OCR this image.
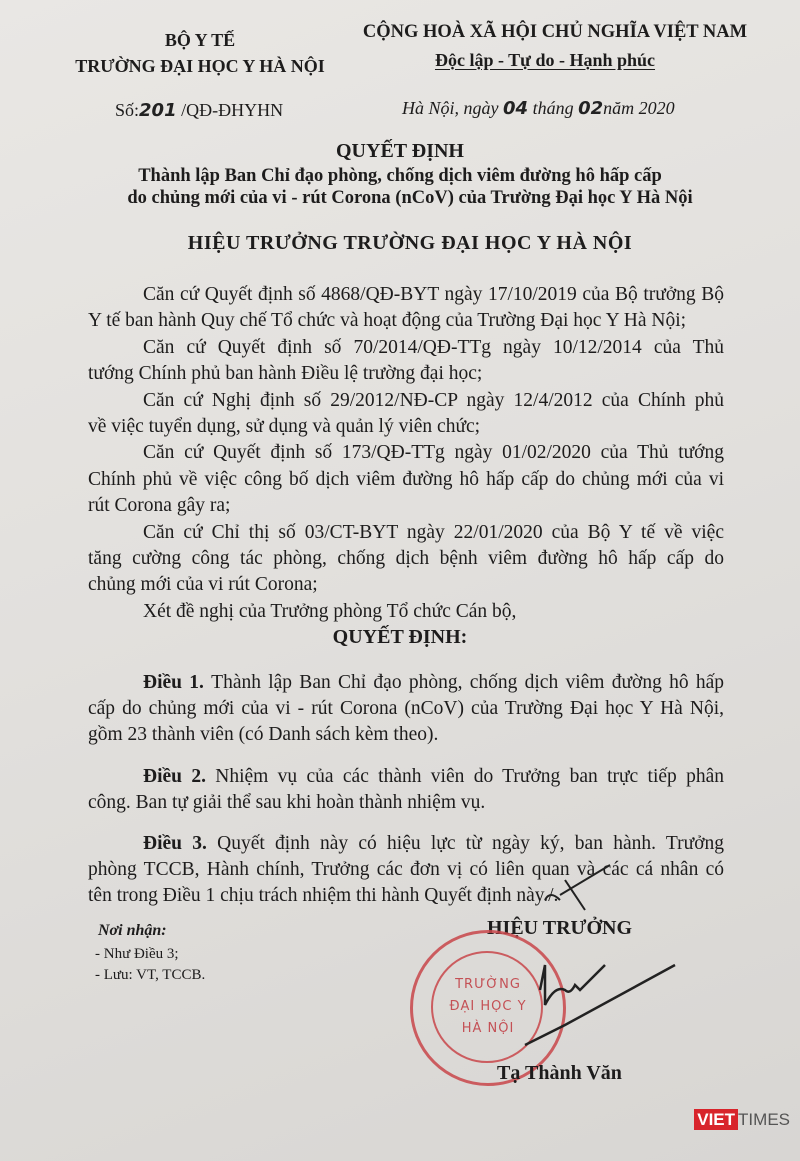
BỘ Y TẾ
TRƯỜNG ĐẠI HỌC Y HÀ NỘI
CỘNG HOÀ XÃ HỘI CHỦ NGHĨA VIỆT NAM
Độc lập - Tự do - Hạnh phúc
Số:201 /QĐ-ĐHYHN	Hà Nội, ngày 04 tháng 02năm 2020
QUYẾT ĐỊNH
Thành lập Ban Chỉ đạo phòng, chống dịch viêm đường hô hấp cấp
do chủng mới của vi - rút Corona (nCoV) của Trường Đại học Y Hà Nội
HIỆU TRƯỞNG TRƯỜNG ĐẠI HỌC Y HÀ NỘI
Căn cứ Quyết định số 4868/QĐ-BYT ngày 17/10/2019 của Bộ trưởng Bộ
Y tế ban hành Quy chế Tổ chức và hoạt động của Trường Đại học Y Hà Nội;
Căn cứ Quyết định số 70/2014/QĐ-TTg ngày 10/12/2014 của Thủ
tướng Chính phủ ban hành Điều lệ trường đại học;
Căn cứ Nghị định số 29/2012/NĐ-CP ngày 12/4/2012 của Chính phủ
về việc tuyển dụng, sử dụng và quản lý viên chức;
Căn cứ Quyết định số 173/QĐ-TTg ngày 01/02/2020 của Thủ tướng
Chính phủ về việc công bố dịch viêm đường hô hấp cấp do chủng mới của vi
rút Corona gây ra;
Căn cứ Chỉ thị số 03/CT-BYT ngày 22/01/2020 của Bộ Y tế về việc
tăng cường công tác phòng, chống dịch bệnh viêm đường hô hấp cấp do
chủng mới của vi rút Corona;
Xét đề nghị của Trưởng phòng Tổ chức Cán bộ,
QUYẾT ĐỊNH:
Điều 1. Thành lập Ban Chỉ đạo phòng, chống dịch viêm đường hô hấp
cấp do chủng mới của vi - rút Corona (nCoV) của Trường Đại học Y Hà Nội,
gồm 23 thành viên (có Danh sách kèm theo).
Điều 2. Nhiệm vụ của các thành viên do Trưởng ban trực tiếp phân
công. Ban tự giải thể sau khi hoàn thành nhiệm vụ.
Điều 3. Quyết định này có hiệu lực từ ngày ký, ban hành. Trưởng
phòng TCCB, Hành chính, Trưởng các đơn vị có liên quan và các cá nhân có
tên trong Điều 1 chịu trách nhiệm thi hành Quyết định này./.
Nơi nhận:
- Như Điều 3;
- Lưu: VT, TCCB.
HIỆU TRƯỞNG
TRƯỜNG
ĐẠI HỌC Y
HÀ NỘI
Tạ Thành Văn
VIET TIMES
